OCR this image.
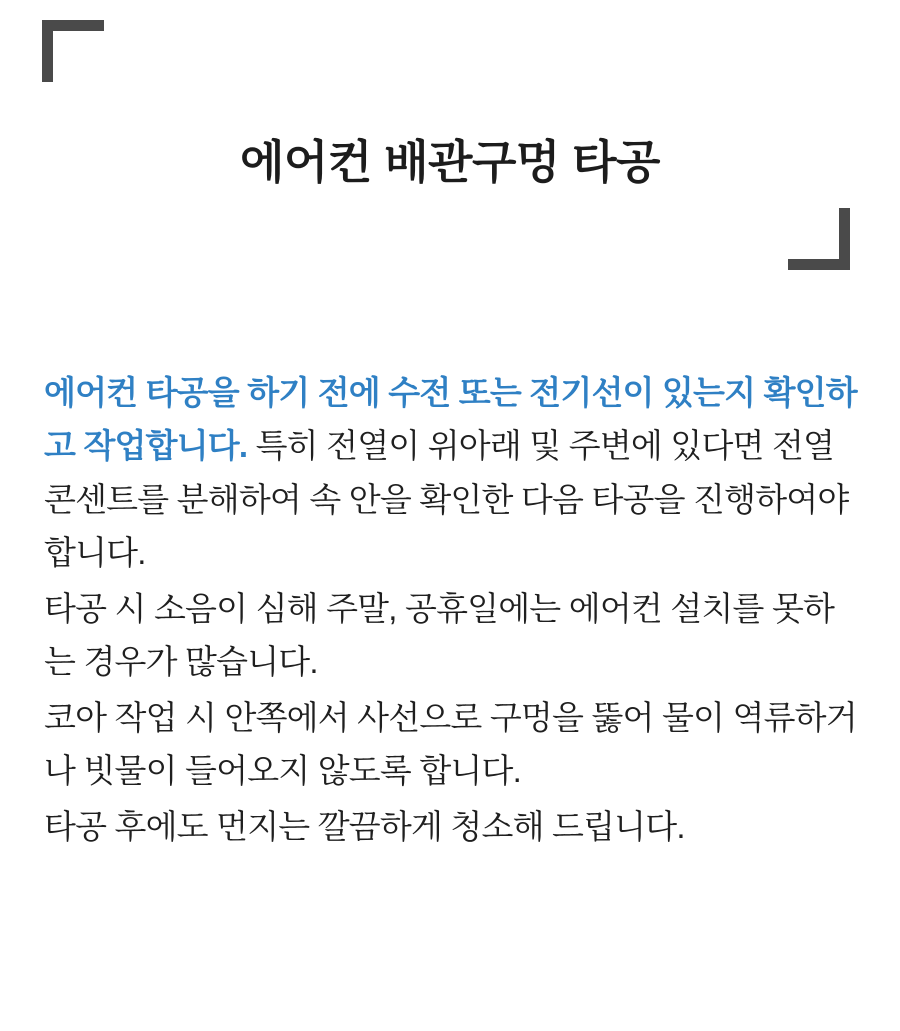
에어컨 배관구멍 타공

에어컨 타공을 하기 전에 수전 또는 전기선이 있는지 확인하고 작업합니다. 특히 전열이 위아래 및 주변에 있다면 전열 콘센트를 분해하여 속 안을 확인한 다음 타공을 진행하여야 합니다.

타공 시 소음이 심해 주말, 공휴일에는 에어컨 설치를 못하는 경우가 많습니다.

코아 작업 시 안쪽에서 사선으로 구멍을 뚫어 물이 역류하거나 빗물이 들어오지 않도록 합니다.

타공 후에도 먼지는 깔끔하게 청소해 드립니다.
